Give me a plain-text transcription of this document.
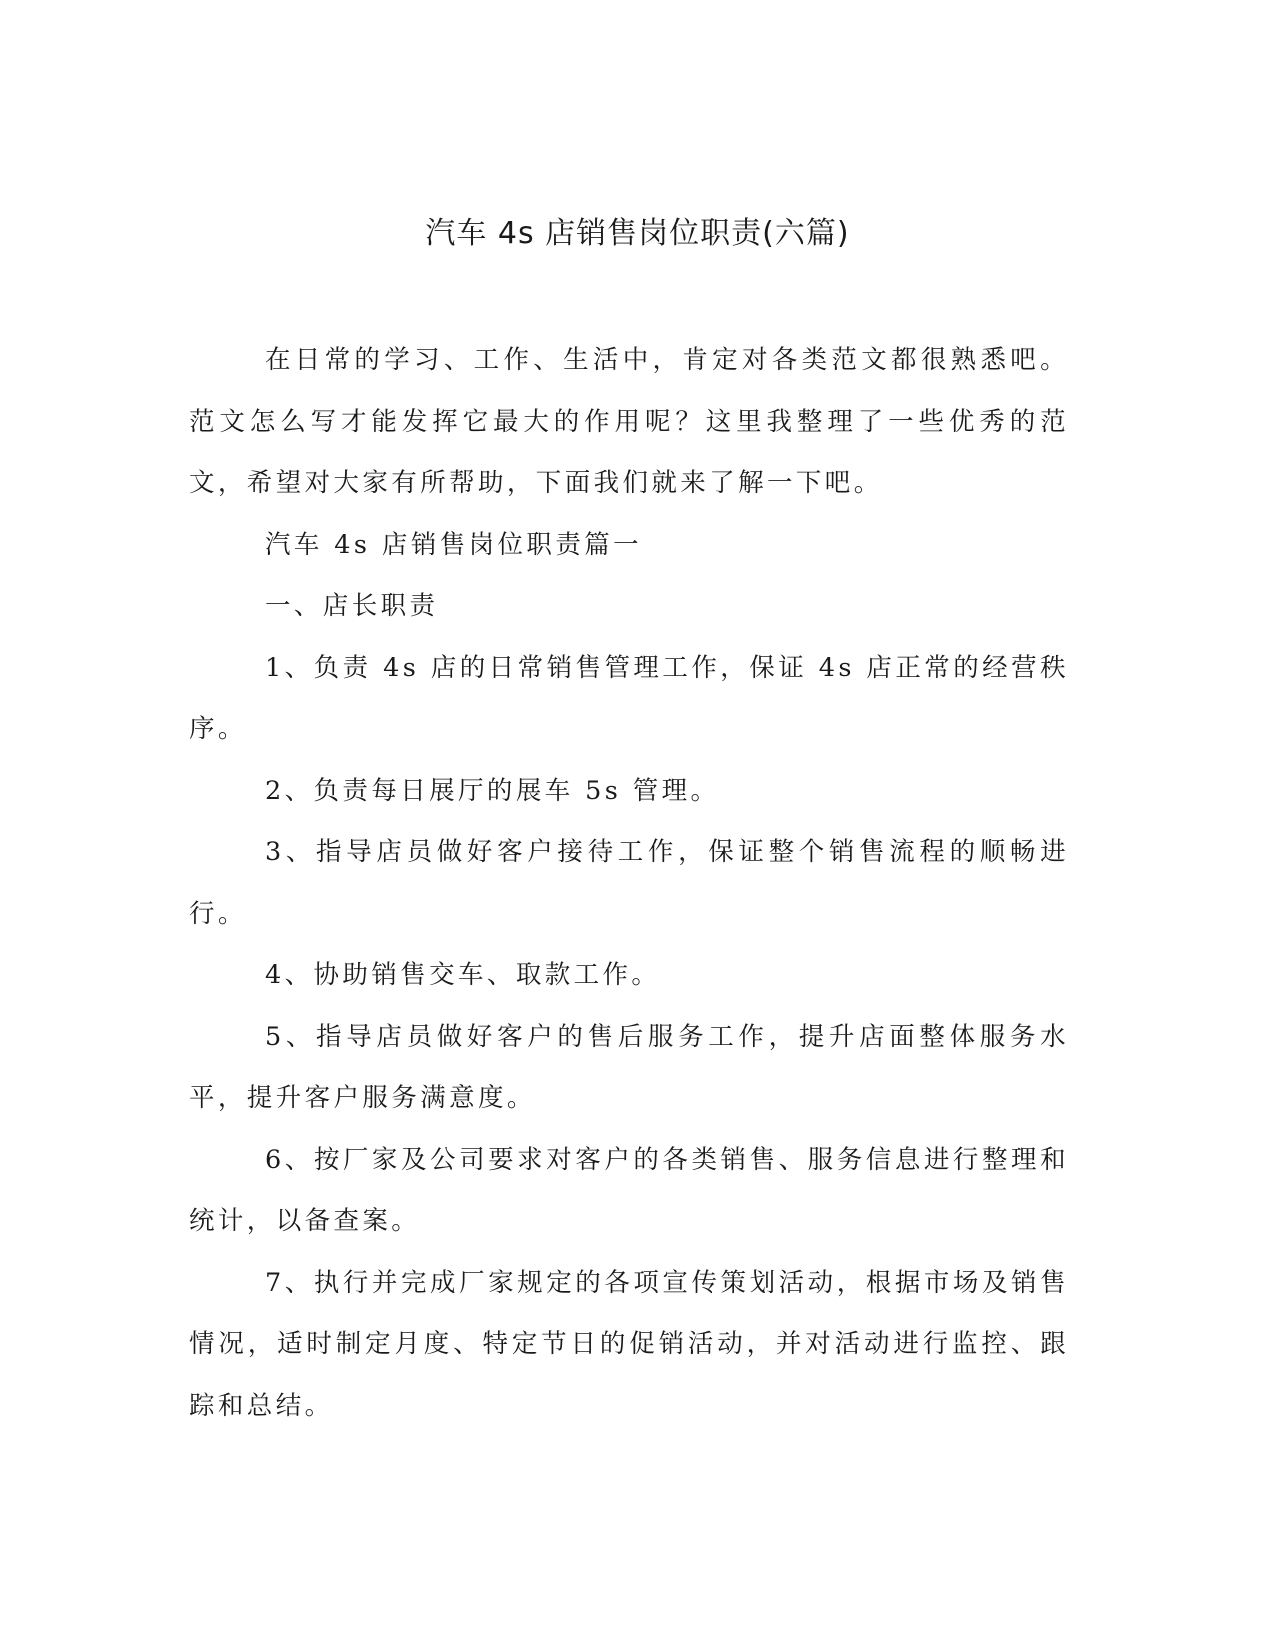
汽车 4s 店销售岗位职责(六篇)

在日常的学习、工作、生活中，肯定对各类范文都很熟悉吧。范文怎么写才能发挥它最大的作用呢？这里我整理了一些优秀的范文，希望对大家有所帮助，下面我们就来了解一下吧。

汽车 4s 店销售岗位职责篇一

一、店长职责

1、负责 4s 店的日常销售管理工作，保证 4s 店正常的经营秩序。

2、负责每日展厅的展车 5s 管理。

3、指导店员做好客户接待工作，保证整个销售流程的顺畅进行。

4、协助销售交车、取款工作。

5、指导店员做好客户的售后服务工作，提升店面整体服务水平，提升客户服务满意度。

6、按厂家及公司要求对客户的各类销售、服务信息进行整理和统计，以备查案。

7、执行并完成厂家规定的各项宣传策划活动，根据市场及销售情况，适时制定月度、特定节日的促销活动，并对活动进行监控、跟踪和总结。
